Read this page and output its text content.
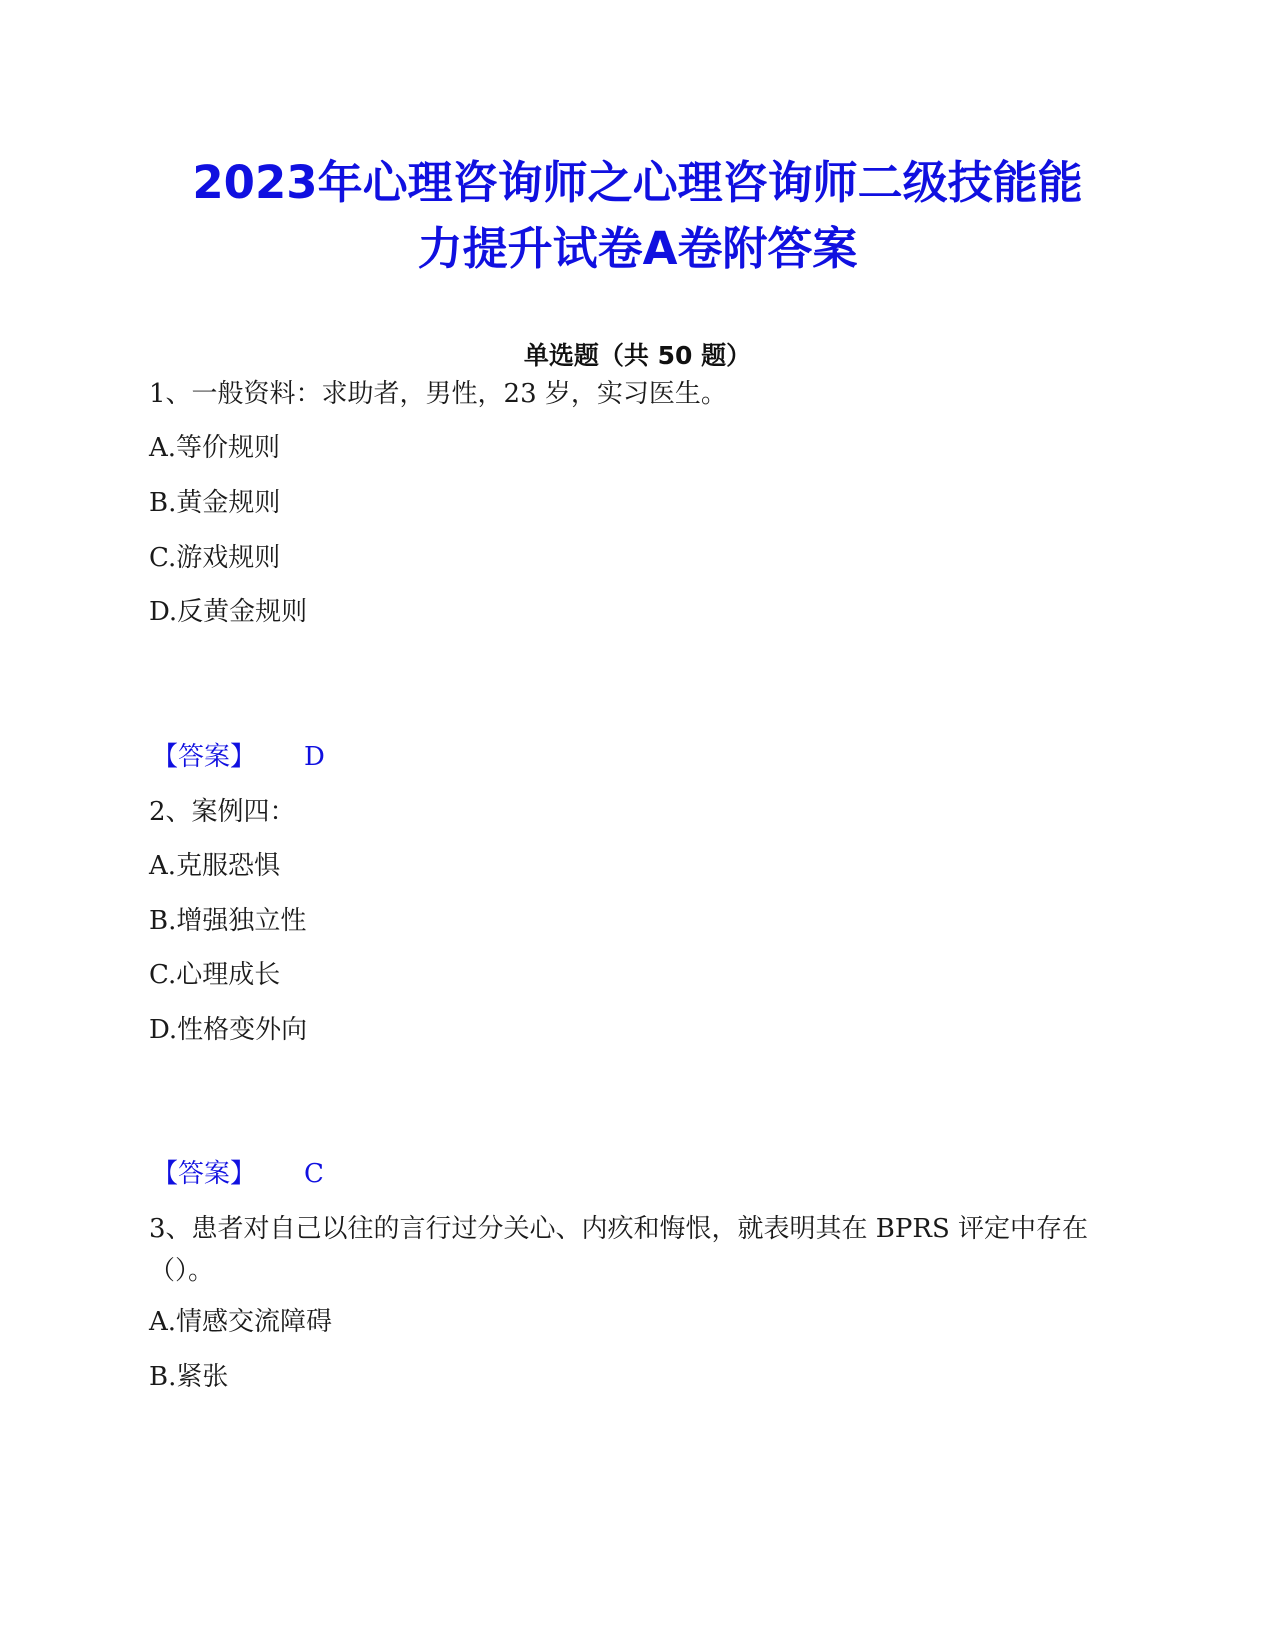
2023年心理咨询师之心理咨询师二级技能能
力提升试卷A卷附答案
单选题（共 50 题）
1、一般资料：求助者，男性，23 岁，实习医生。
A.等价规则
B.黄金规则
C.游戏规则
D.反黄金规则
【答案】 D
2、案例四：
A.克服恐惧
B.增强独立性
C.心理成长
D.性格变外向
【答案】 C
3、患者对自己以往的言行过分关心、内疚和悔恨，就表明其在 BPRS 评定中存在（）。
A.情感交流障碍
B.紧张
